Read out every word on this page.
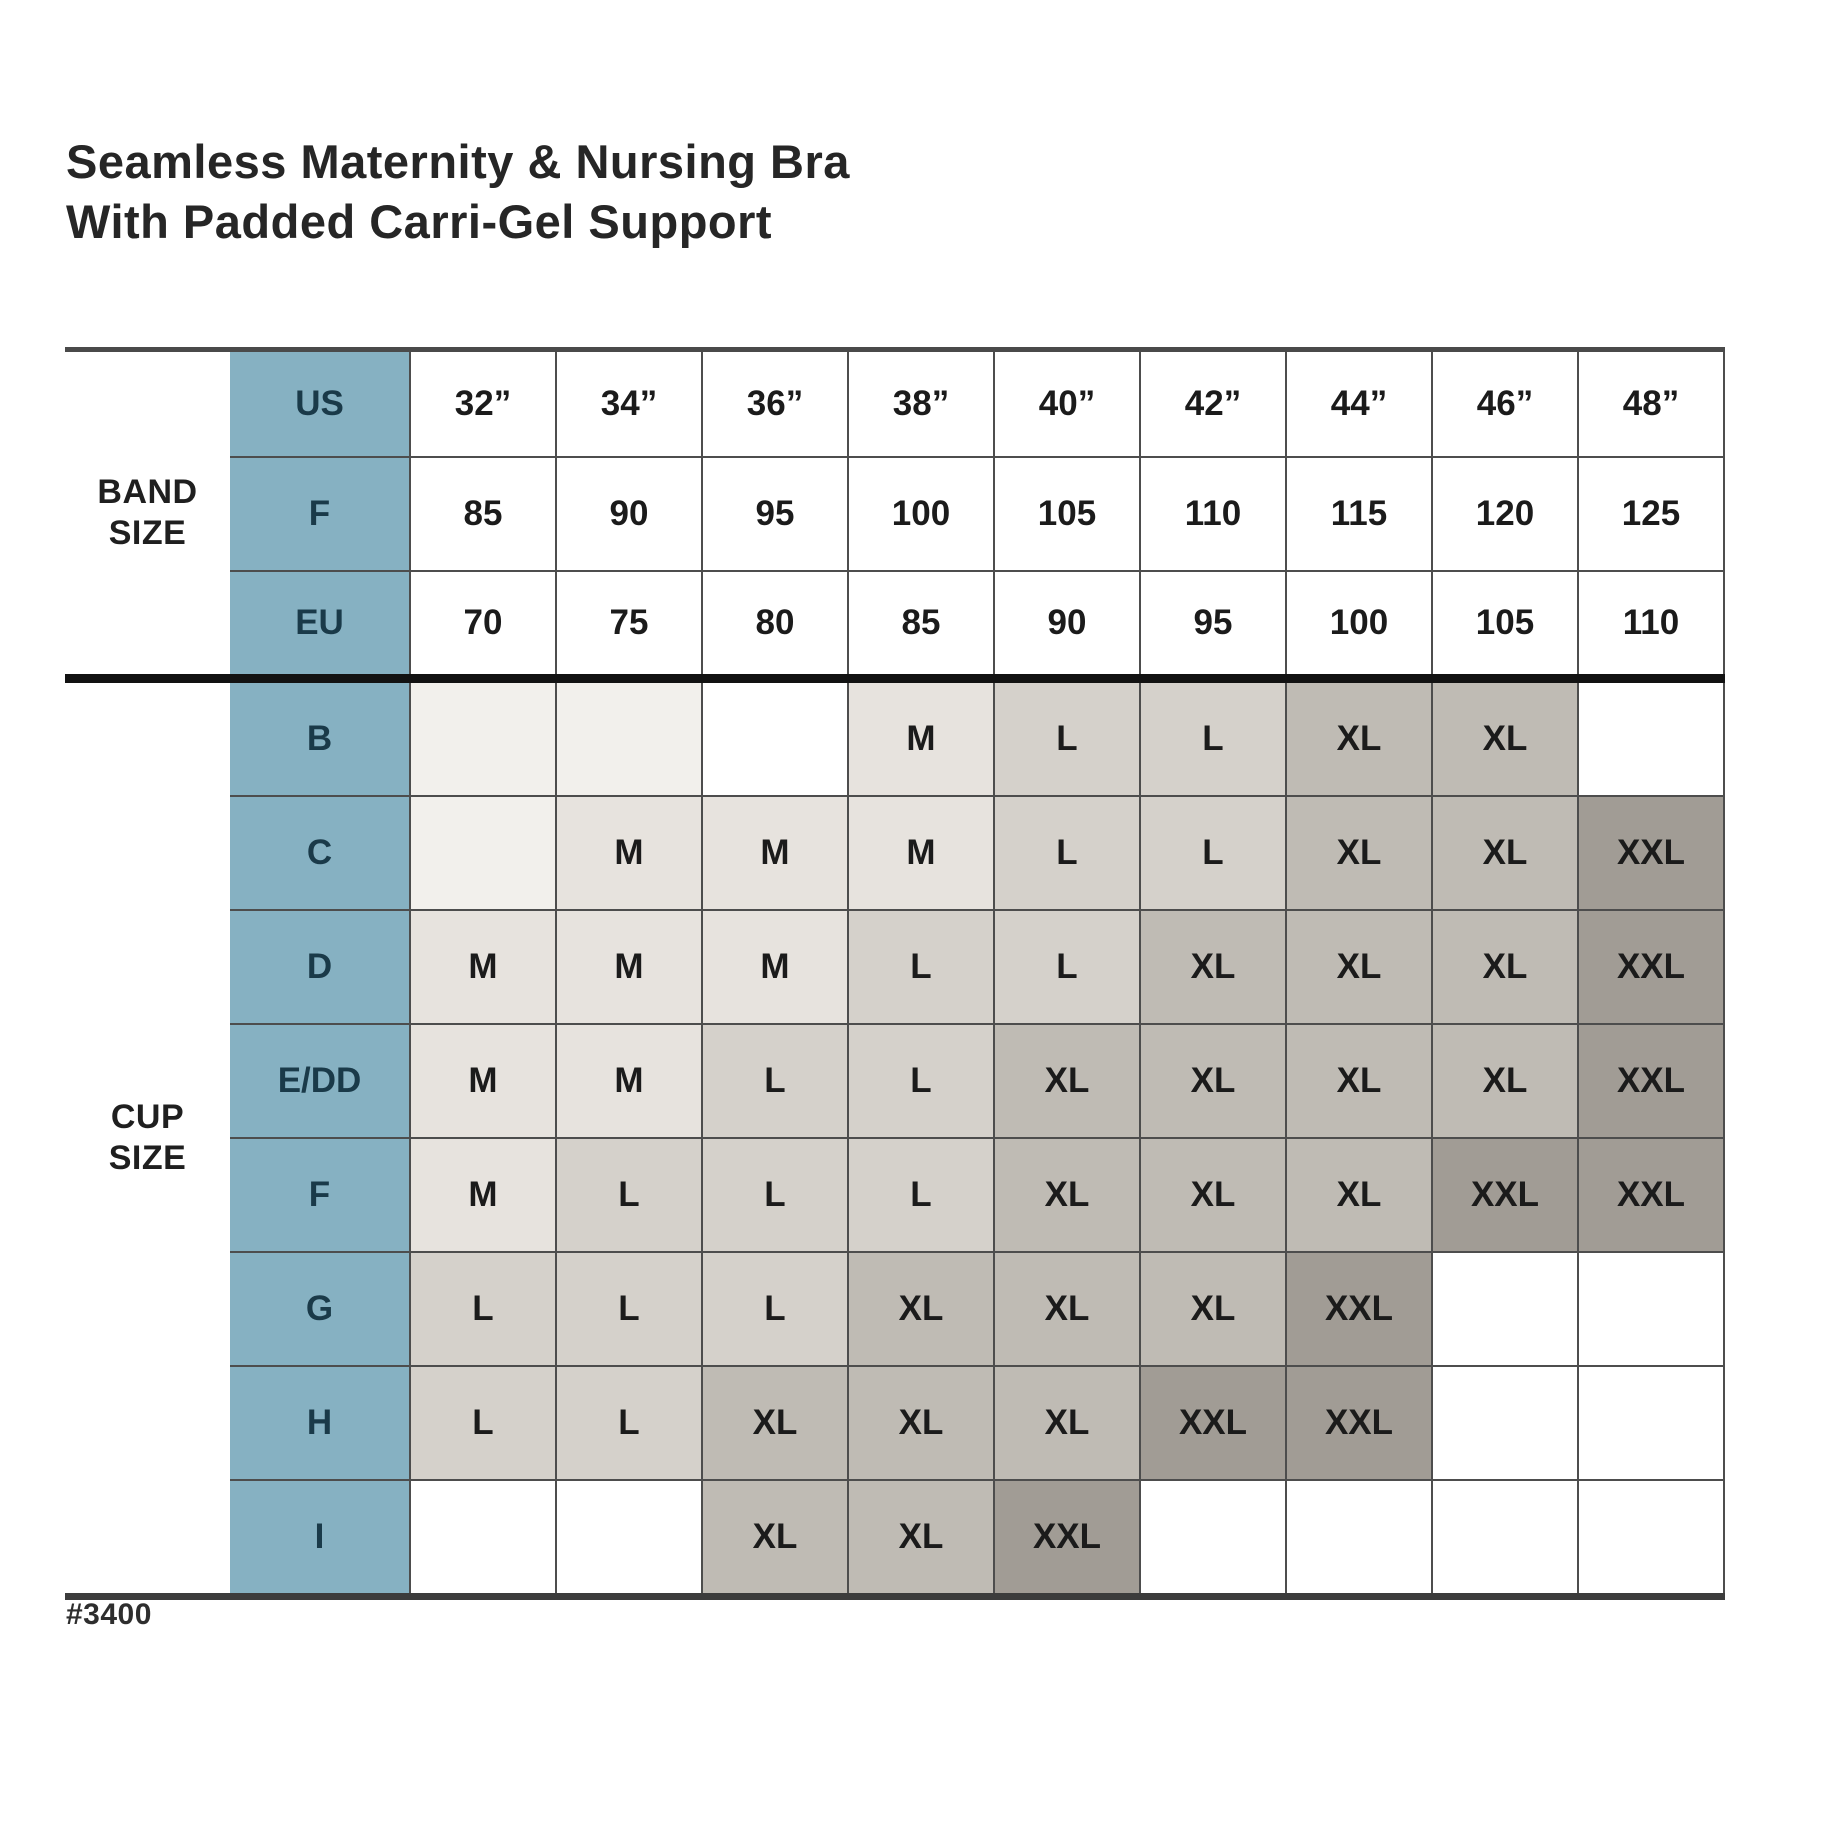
Seamless Maternity & Nursing Bra
With Padded Carri-Gel Support
BAND
SIZE	US	32”	34”	36”	38”	40”	42”	44”	46”	48”
	F	85	90	95	100	105	110	115	120	125
	EU	70	75	80	85	90	95	100	105	110

CUP
SIZE	B				M	L	L	XL	XL	
	C		M	M	M	L	L	XL	XL	XXL
	D	M	M	M	L	L	XL	XL	XL	XXL
	E/DD	M	M	L	L	XL	XL	XL	XL	XXL
	F	M	L	L	L	XL	XL	XL	XXL	XXL
	G	L	L	L	XL	XL	XL	XXL		
	H	L	L	XL	XL	XL	XXL	XXL		
	I			XL	XL	XXL				
#3400
